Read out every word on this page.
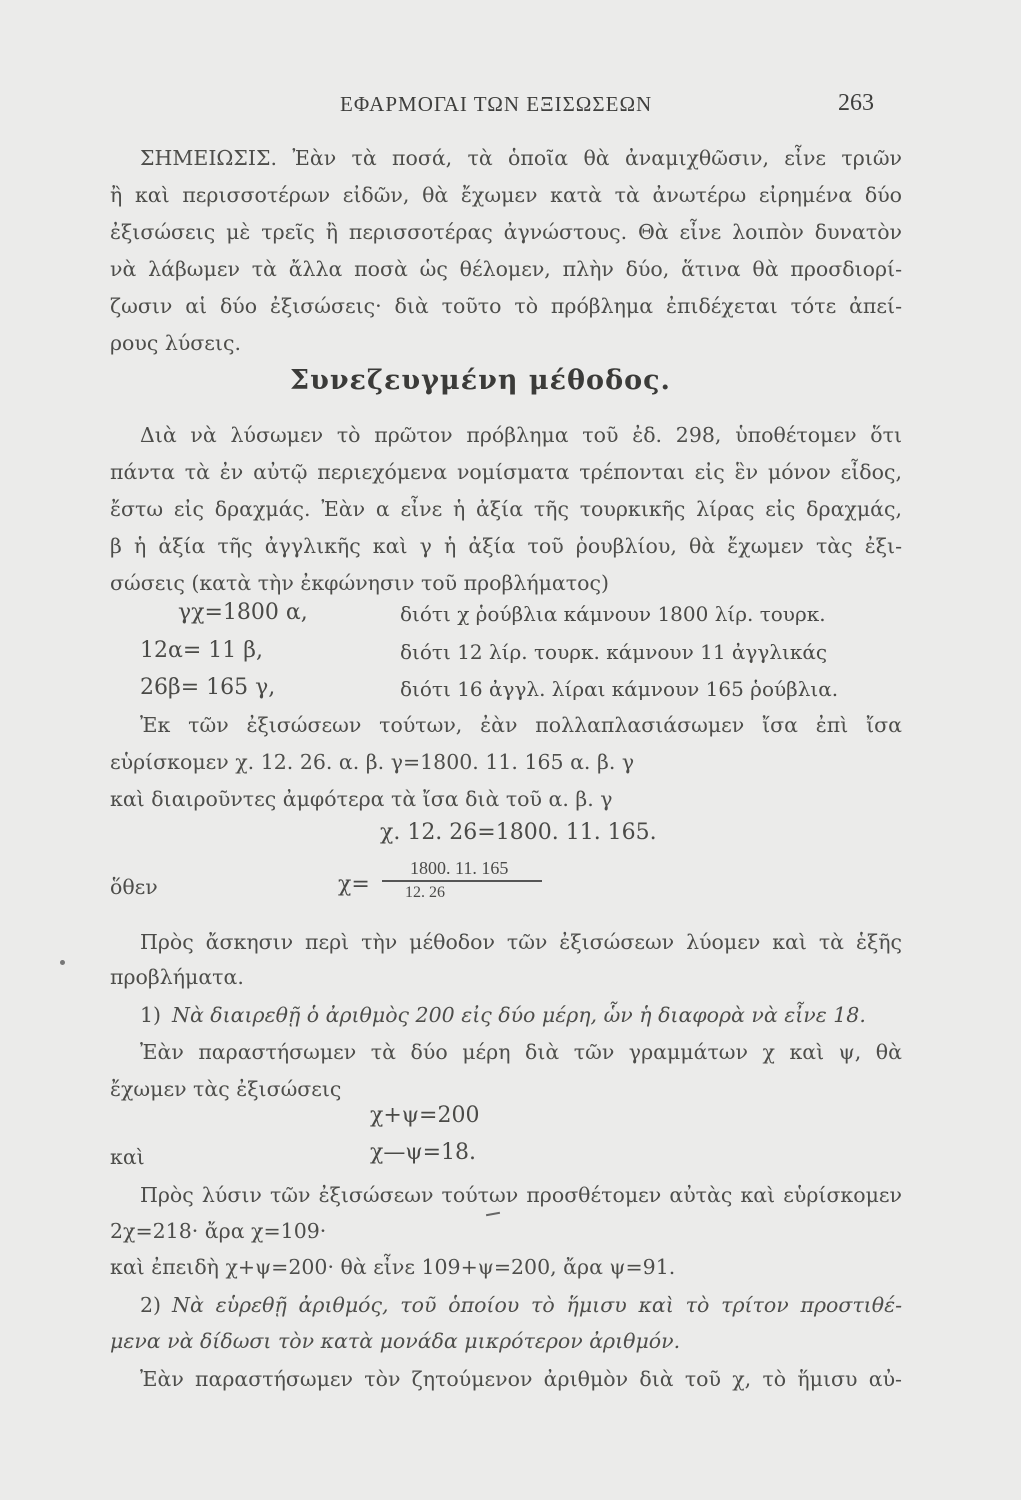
ΕΦΑΡΜΟΓΑΙ ΤΩΝ ΕΞΙΣΩΣΕΩΝ	263
ΣΗΜΕΙΩΣΙΣ. Ἐὰν τὰ ποσά, τὰ ὁποῖα θὰ ἀναμιχθῶσιν, εἶνε τριῶν
ἢ καὶ περισσοτέρων εἰδῶν, θὰ ἔχωμεν κατὰ τὰ ἀνωτέρω εἰρημένα δύο
ἐξισώσεις μὲ τρεῖς ἢ περισσοτέρας ἀγνώστους. Θὰ εἶνε λοιπὸν δυνατὸν
νὰ λάβωμεν τὰ ἄλλα ποσὰ ὡς θέλομεν, πλὴν δύο, ἅτινα θὰ προσδιορί-
ζωσιν αἱ δύο ἐξισώσεις· διὰ τοῦτο τὸ πρόβλημα ἐπιδέχεται τότε ἀπεί-
ρους λύσεις.
Συνεζευγμένη μέθοδος.
Διὰ νὰ λύσωμεν τὸ πρῶτον πρόβλημα τοῦ ἐδ. 298, ὑποθέτομεν ὅτι
πάντα τὰ ἐν αὐτῷ περιεχόμενα νομίσματα τρέπονται εἰς ἓν μόνον εἶδος,
ἔστω εἰς δραχμάς. Ἐὰν α εἶνε ἡ ἀξία τῆς τουρκικῆς λίρας εἰς δραχμάς,
β ἡ ἀξία τῆς ἀγγλικῆς καὶ γ ἡ ἀξία τοῦ ῥουβλίου, θὰ ἔχωμεν τὰς ἐξι-
σώσεις (κατὰ τὴν ἐκφώνησιν τοῦ προβλήματος)
γχ=1800 α,	διότι χ ῥούβλια κάμνουν 1800 λίρ. τουρκ.
12α= 11 β,	διότι 12 λίρ. τουρκ. κάμνουν 11 ἀγγλικάς
26β= 165 γ,	διότι 16 ἀγγλ. λίραι κάμνουν 165 ῥούβλια.
Ἐκ τῶν ἐξισώσεων τούτων, ἐὰν πολλαπλασιάσωμεν ἴσα ἐπὶ ἴσα
εὑρίσκομεν χ. 12. 26. α. β. γ=1800. 11. 165 α. β. γ
καὶ διαιροῦντες ἀμφότερα τὰ ἴσα διὰ τοῦ α. β. γ
χ. 12. 26=1800. 11. 165.
ὅθεν	χ=
1800. 11. 165
12. 26
Πρὸς ἄσκησιν περὶ τὴν μέθοδον τῶν ἐξισώσεων λύομεν καὶ τὰ ἑξῆς
προβλήματα.
1) Νὰ διαιρεθῇ ὁ ἀριθμὸς 200 εἰς δύο μέρη, ὧν ἡ διαφορὰ νὰ εἶνε 18.
Ἐὰν παραστήσωμεν τὰ δύο μέρη διὰ τῶν γραμμάτων χ καὶ ψ, θὰ
ἔχωμεν τὰς ἐξισώσεις
χ+ψ=200
καὶ	χ—ψ=18.
Πρὸς λύσιν τῶν ἐξισώσεων τούτων προσθέτομεν αὐτὰς καὶ εὑρίσκομεν
2χ=218· ἄρα χ=109·
καὶ ἐπειδὴ χ+ψ=200· θὰ εἶνε 109+ψ=200, ἄρα ψ=91.
2) Νὰ εὑρεθῇ ἀριθμός, τοῦ ὁποίου τὸ ἥμισυ καὶ τὸ τρίτον προστιθέ-
μενα νὰ δίδωσι τὸν κατὰ μονάδα μικρότερον ἀριθμόν.
Ἐὰν παραστήσωμεν τὸν ζητούμενον ἀριθμὸν διὰ τοῦ χ, τὸ ἥμισυ αὐ-
